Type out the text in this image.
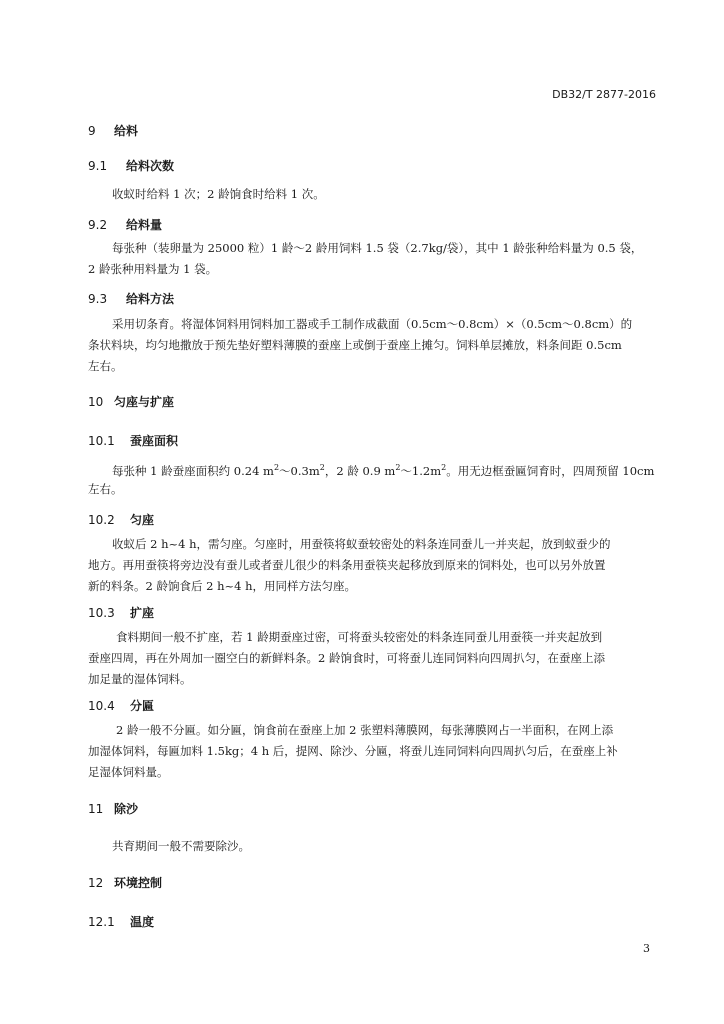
DB32/T 2877-2016
9 给料
9.1 给料次数
收蚁时给料 1 次；2 龄饷食时给料 1 次。
9.2 给料量
每张种（装卵量为 25000 粒）1 龄～2 龄用饲料 1.5 袋（2.7kg/袋），其中 1 龄张种给料量为 0.5 袋，
2 龄张种用料量为 1 袋。
9.3 给料方法
采用切条育。将湿体饲料用饲料加工器或手工制作成截面（0.5cm～0.8cm）×（0.5cm～0.8cm）的
条状料块，均匀地撒放于预先垫好塑料薄膜的蚕座上或倒于蚕座上摊匀。饲料单层摊放，料条间距 0.5cm
左右。
10 匀座与扩座
10.1 蚕座面积
每张种 1 龄蚕座面积约 0.24 $m^2\sim 0.3m^2$，2 龄 0.9 $m^2\sim 1.2m^2$。用无边框蚕匾饲育时，四周预留 10cm
左右。
10.2 匀座
收蚁后 2 h~4 h，需匀座。匀座时，用蚕筷将蚁蚕较密处的料条连同蚕儿一并夹起，放到蚁蚕少的
地方。再用蚕筷将旁边没有蚕儿或者蚕儿很少的料条用蚕筷夹起移放到原来的饲料处，也可以另外放置
新的料条。2 龄饷食后 2 h~4 h，用同样方法匀座。
10.3 扩座
食料期间一般不扩座，若 1 龄期蚕座过密，可将蚕头较密处的料条连同蚕儿用蚕筷一并夹起放到
蚕座四周，再在外周加一圈空白的新鲜料条。2 龄饷食时，可将蚕儿连同饲料向四周扒匀，在蚕座上添
加足量的湿体饲料。
10.4 分匾
2 龄一般不分匾。如分匾，饷食前在蚕座上加 2 张塑料薄膜网，每张薄膜网占一半面积，在网上添
加湿体饲料，每匾加料 1.5kg；4 h 后，提网、除沙、分匾，将蚕儿连同饲料向四周扒匀后，在蚕座上补
足湿体饲料量。
11 除沙
共育期间一般不需要除沙。
12 环境控制
12.1 温度
3
